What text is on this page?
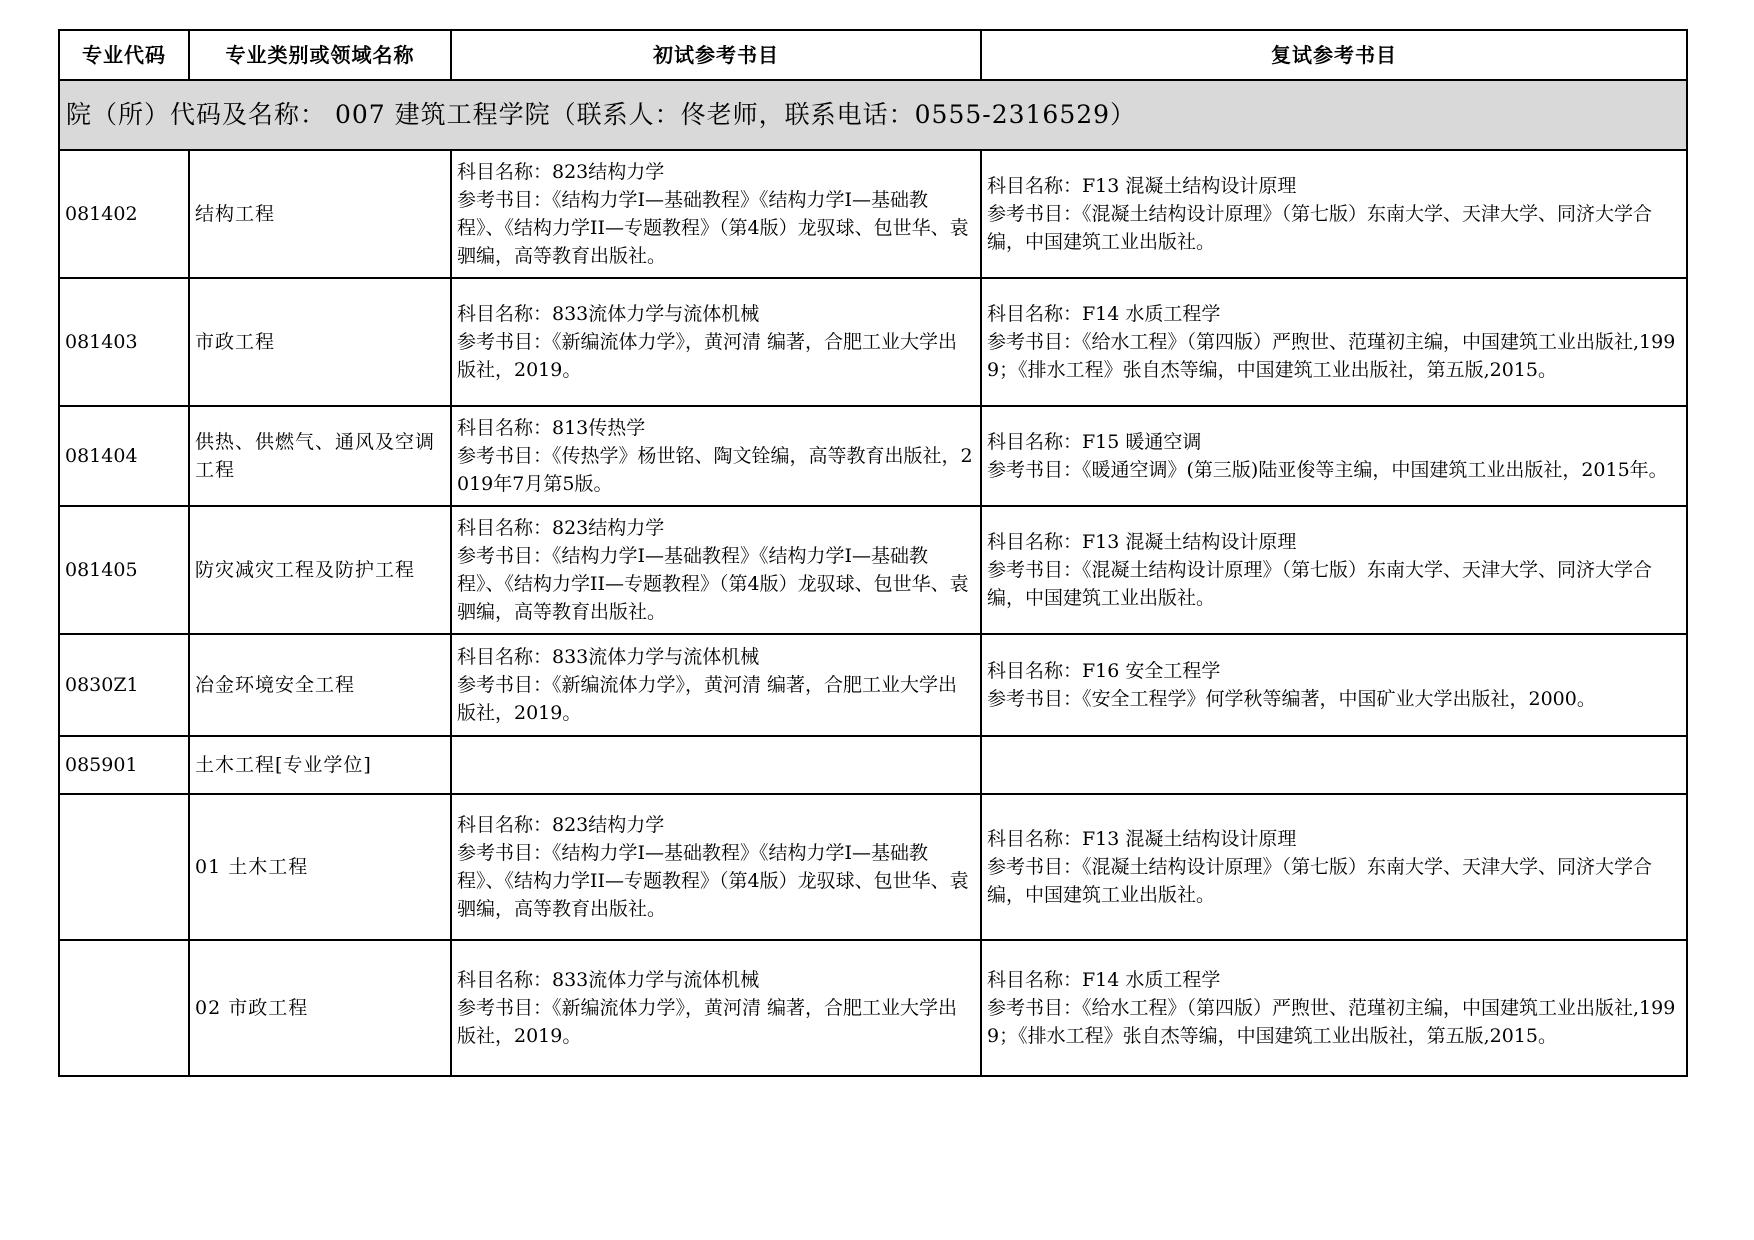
专业代码	专业类别或领域名称	初试参考书目	复试参考书目
院（所）代码及名称： 007 建筑工程学院（联系人：佟老师，联系电话：0555-2316529）			
081402	结构工程	科目名称：823结构力学
参考书目：《结构力学I—基础教程》《结构力学I—基础教程》、《结构力学II—专题教程》（第4版）龙驭球、包世华、袁驷编，高等教育出版社。	科目名称：F13 混凝土结构设计原理
参考书目：《混凝土结构设计原理》（第七版）东南大学、天津大学、同济大学合编，中国建筑工业出版社。

081403	市政工程	科目名称：833流体力学与流体机械
参考书目：《新编流体力学》，黄河清 编著，合肥工业大学出版社，2019。	科目名称：F14 水质工程学
参考书目：《给水工程》（第四版）严煦世、范瑾初主编，中国建筑工业出版社,1999；《排水工程》张自杰等编，中国建筑工业出版社，第五版,2015。

081404	供热、供燃气、通风及空调工程	科目名称：813传热学
参考书目：《传热学》杨世铭、陶文铨编，高等教育出版社，2019年7月第5版。	科目名称：F15 暖通空调
参考书目：《暖通空调》(第三版)陆亚俊等主编，中国建筑工业出版社，2015年。

081405	防灾减灾工程及防护工程	科目名称：823结构力学
参考书目：《结构力学I—基础教程》《结构力学I—基础教程》、《结构力学II—专题教程》（第4版）龙驭球、包世华、袁驷编，高等教育出版社。	科目名称：F13 混凝土结构设计原理
参考书目：《混凝土结构设计原理》（第七版）东南大学、天津大学、同济大学合编，中国建筑工业出版社。

0830Z1	冶金环境安全工程	科目名称：833流体力学与流体机械
参考书目：《新编流体力学》，黄河清 编著，合肥工业大学出版社，2019。	科目名称：F16 安全工程学
参考书目：《安全工程学》何学秋等编著，中国矿业大学出版社，2000。

085901	土木工程[专业学位]		
	01 土木工程	科目名称：823结构力学
参考书目：《结构力学I—基础教程》《结构力学I—基础教程》、《结构力学II—专题教程》（第4版）龙驭球、包世华、袁驷编，高等教育出版社。	科目名称：F13 混凝土结构设计原理
参考书目：《混凝土结构设计原理》（第七版）东南大学、天津大学、同济大学合编，中国建筑工业出版社。

	02 市政工程	科目名称：833流体力学与流体机械
参考书目：《新编流体力学》，黄河清 编著，合肥工业大学出版社，2019。	科目名称：F14 水质工程学
参考书目：《给水工程》（第四版）严煦世、范瑾初主编，中国建筑工业出版社,1999；《排水工程》张自杰等编，中国建筑工业出版社，第五版,2015。
